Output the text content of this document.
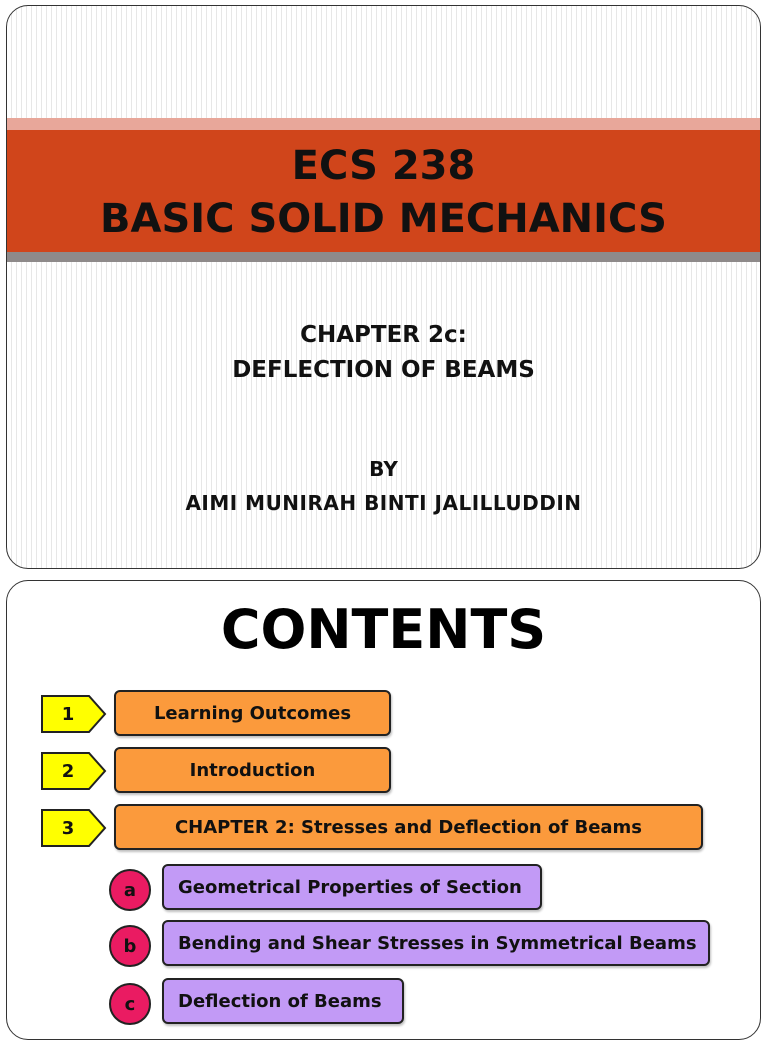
ECS 238
BASIC SOLID MECHANICS
CHAPTER 2c:
DEFLECTION OF BEAMS
BY
AIMI MUNIRAH BINTI JALILLUDDIN
CONTENTS
1	Learning Outcomes
2	Introduction
3	CHAPTER 2: Stresses and Deflection of Beams
a Geometrical Properties of Section
b Bending and Shear Stresses in Symmetrical Beams
c Deflection of Beams
